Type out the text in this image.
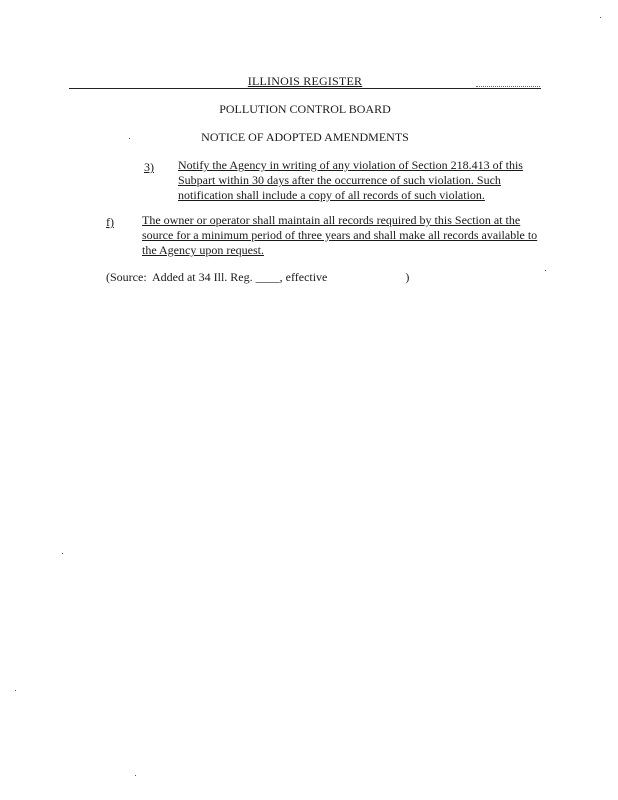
ILLINOIS REGISTER
POLLUTION CONTROL BOARD
NOTICE OF ADOPTED AMENDMENTS
3) Notify the Agency in writing of any violation of Section 218.413 of this Subpart within 30 days after the occurrence of such violation. Such notification shall include a copy of all records of such violation.
f) The owner or operator shall maintain all records required by this Section at the source for a minimum period of three years and shall make all records available to the Agency upon request.
(Source:  Added at 34 Ill. Reg. ____, effective                          )
